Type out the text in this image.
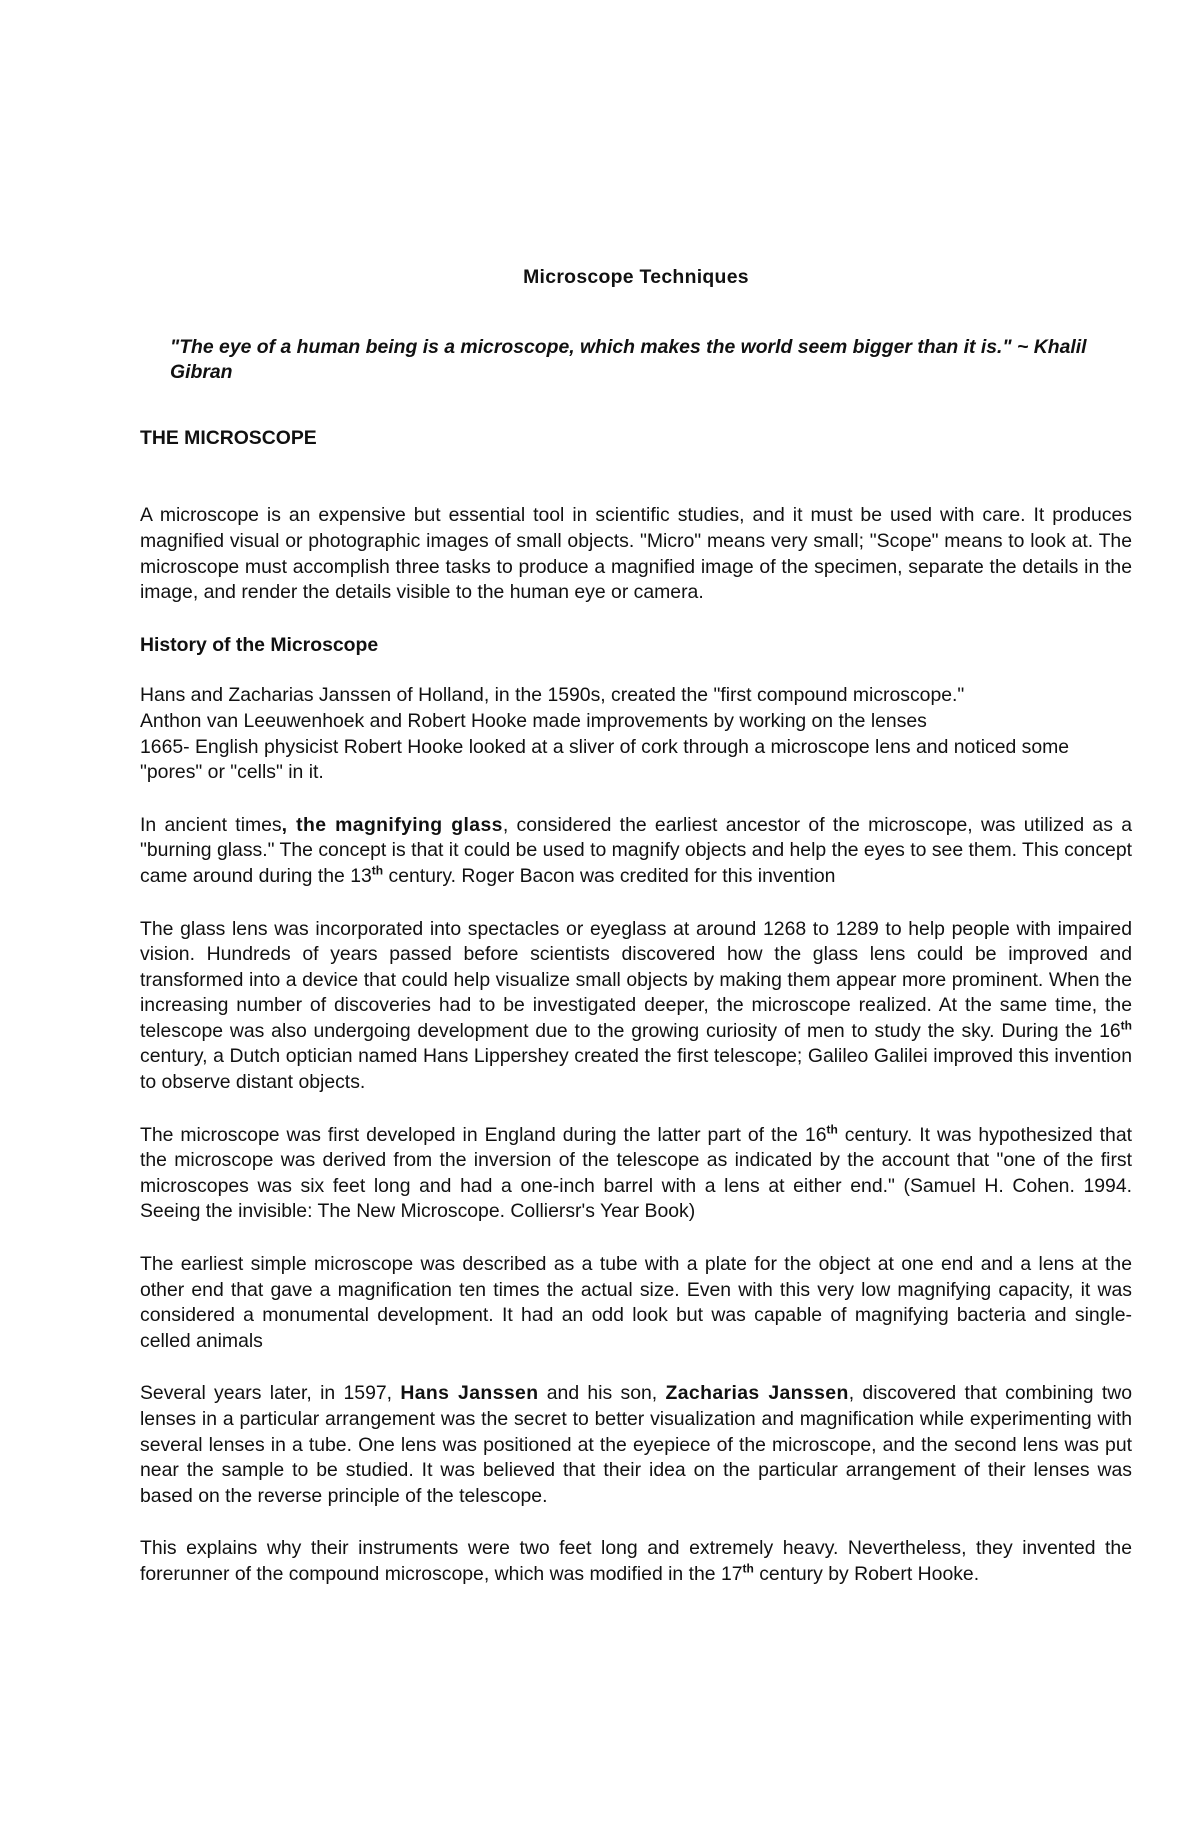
Microscope Techniques
"The eye of a human being is a microscope, which makes the world seem bigger than it is." ~ Khalil Gibran
THE MICROSCOPE

A microscope is an expensive but essential tool in scientific studies, and it must be used with care. It produces magnified visual or photographic images of small objects. "Micro" means very small; "Scope" means to look at. The microscope must accomplish three tasks to produce a magnified image of the specimen, separate the details in the image, and render the details visible to the human eye or camera.

History of the Microscope

Hans and Zacharias Janssen of Holland, in the 1590s, created the "first compound microscope."
Anthon van Leeuwenhoek and Robert Hooke made improvements by working on the lenses
1665- English physicist Robert Hooke looked at a sliver of cork through a microscope lens and noticed some "pores" or "cells" in it.

In ancient times, the magnifying glass, considered the earliest ancestor of the microscope, was utilized as a "burning glass." The concept is that it could be used to magnify objects and help the eyes to see them. This concept came around during the 13th century. Roger Bacon was credited for this invention

The glass lens was incorporated into spectacles or eyeglass at around 1268 to 1289 to help people with impaired vision. Hundreds of years passed before scientists discovered how the glass lens could be improved and transformed into a device that could help visualize small objects by making them appear more prominent. When the increasing number of discoveries had to be investigated deeper, the microscope realized. At the same time, the telescope was also undergoing development due to the growing curiosity of men to study the sky. During the 16th century, a Dutch optician named Hans Lippershey created the first telescope; Galileo Galilei improved this invention to observe distant objects.

The microscope was first developed in England during the latter part of the 16th century. It was hypothesized that the microscope was derived from the inversion of the telescope as indicated by the account that "one of the first microscopes was six feet long and had a one-inch barrel with a lens at either end." (Samuel H. Cohen. 1994. Seeing the invisible: The New Microscope. Colliersr's Year Book)

The earliest simple microscope was described as a tube with a plate for the object at one end and a lens at the other end that gave a magnification ten times the actual size. Even with this very low magnifying capacity, it was considered a monumental development. It had an odd look but was capable of magnifying bacteria and single-celled animals

Several years later, in 1597, Hans Janssen and his son, Zacharias Janssen, discovered that combining two lenses in a particular arrangement was the secret to better visualization and magnification while experimenting with several lenses in a tube. One lens was positioned at the eyepiece of the microscope, and the second lens was put near the sample to be studied. It was believed that their idea on the particular arrangement of their lenses was based on the reverse principle of the telescope.

This explains why their instruments were two feet long and extremely heavy. Nevertheless, they invented the forerunner of the compound microscope, which was modified in the 17th century by Robert Hooke.
